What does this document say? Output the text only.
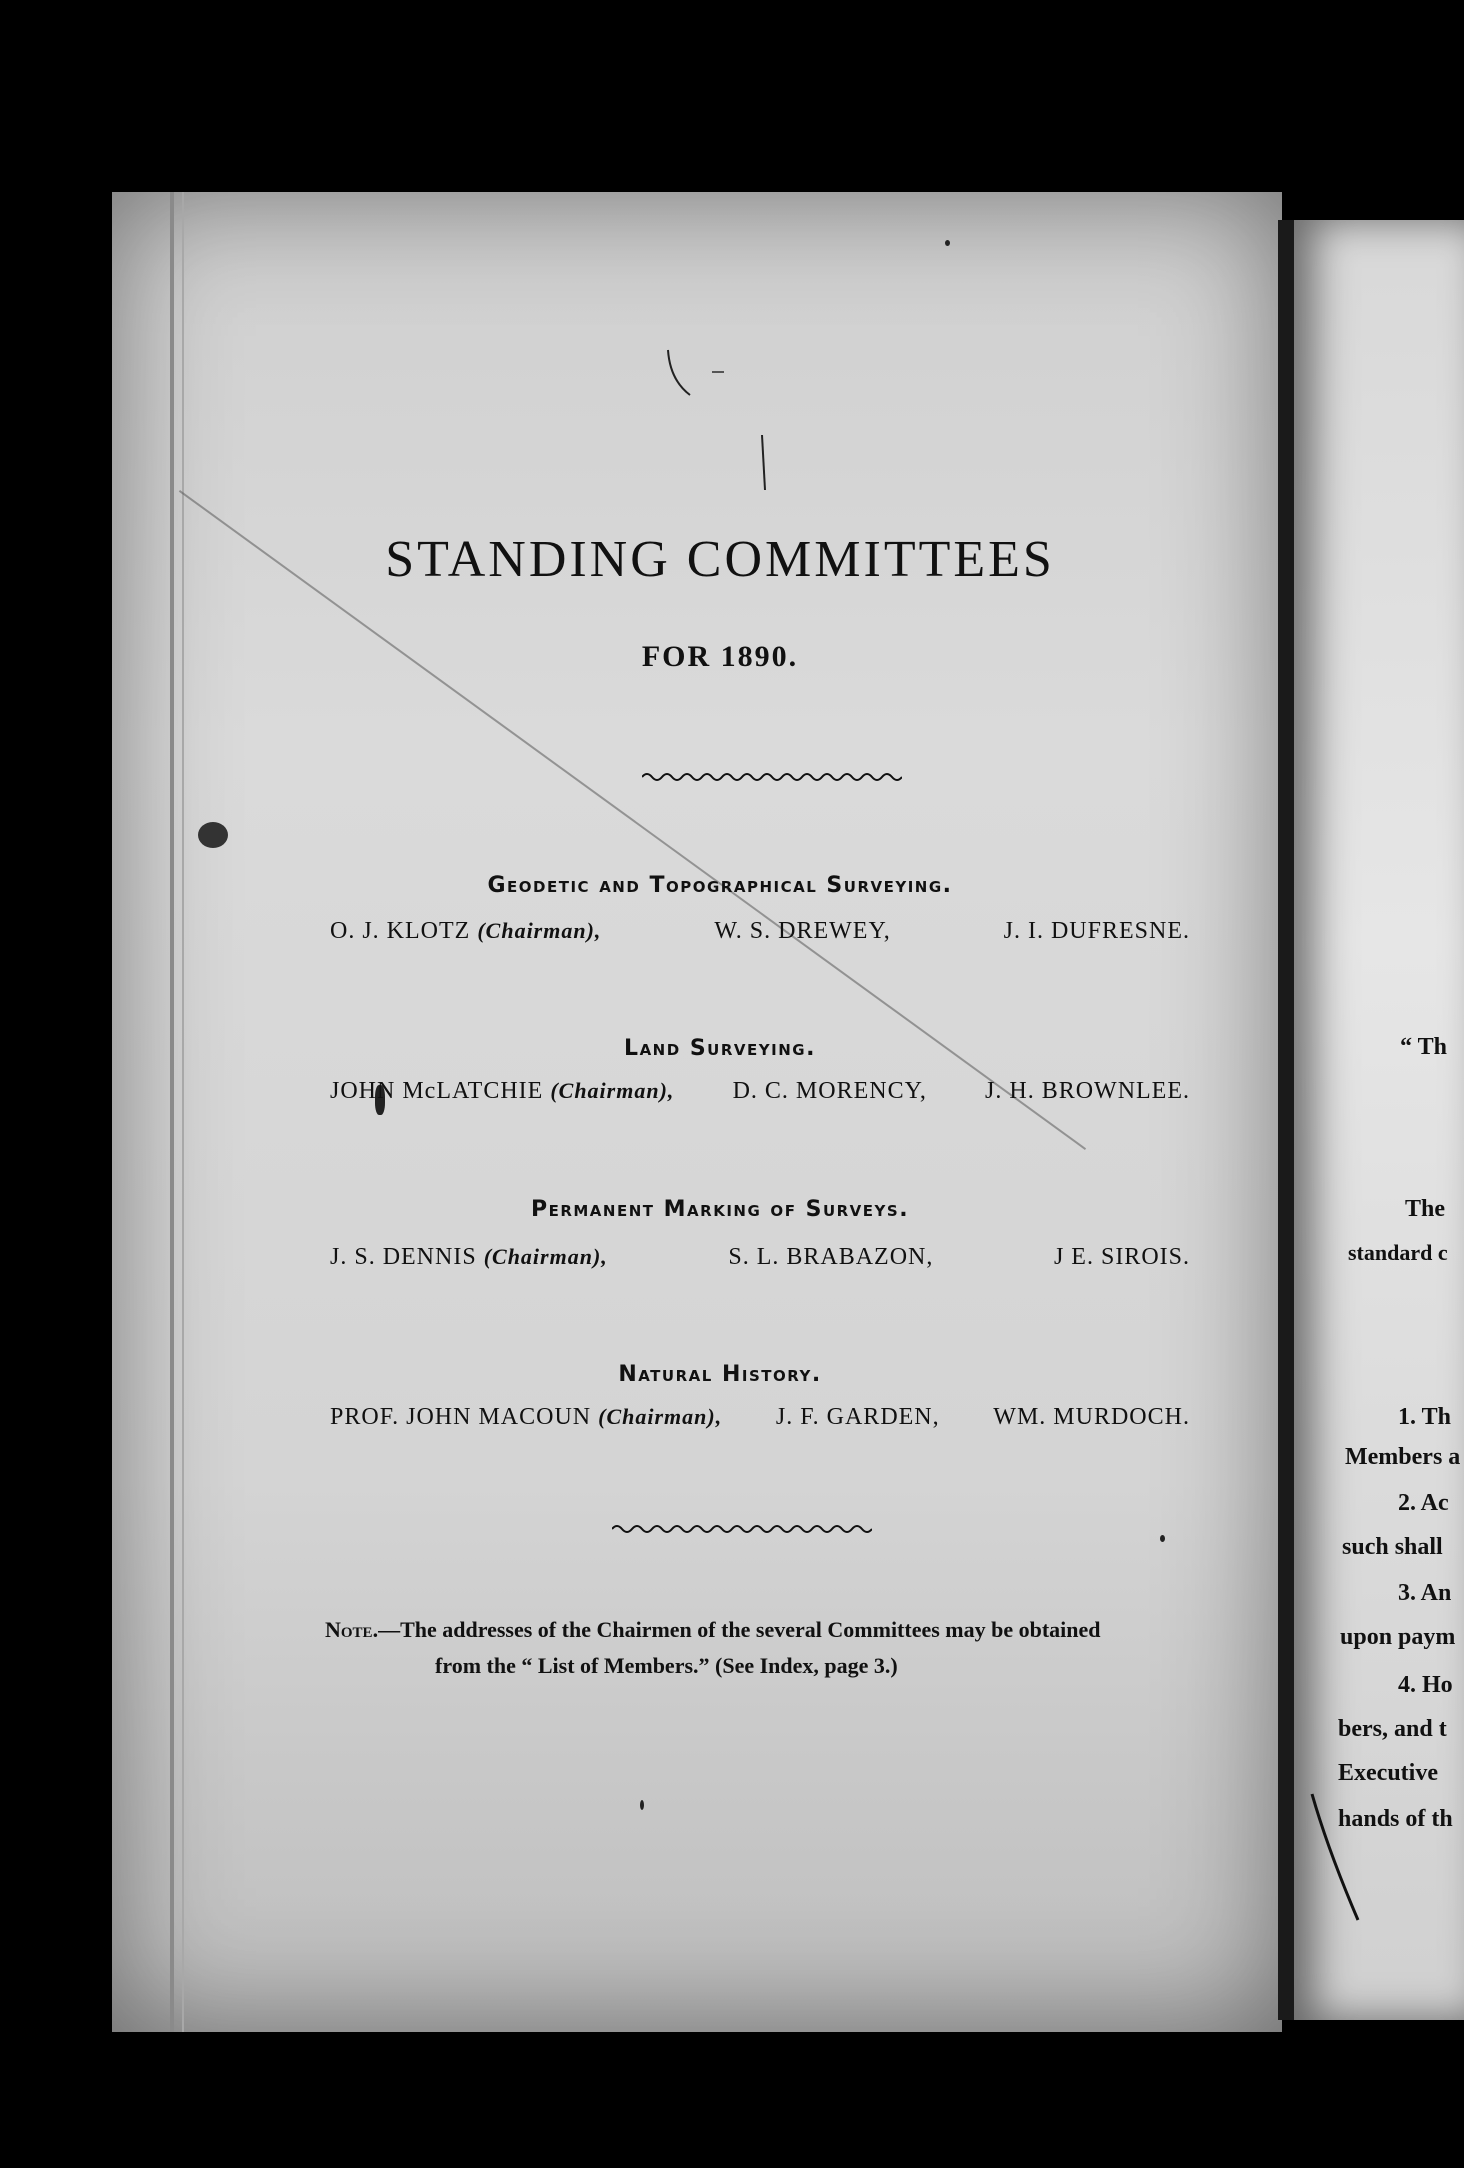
STANDING COMMITTEES
FOR 1890.
Geodetic and Topographical Surveying.
O. J. KLOTZ (Chairman),	W. S. DREWEY,	J. I. DUFRESNE.
Land Surveying.
JOHN McLATCHIE (Chairman), D. C. MORENCY, J. H. BROWNLEE.
Permanent Marking of Surveys.
J. S. DENNIS (Chairman),	S. L. BRABAZON,	J E. SIROIS.
Natural History.
PROF. JOHN MACOUN (Chairman), J. F. GARDEN, WM. MURDOCH.
Note.—The addresses of the Chairmen of the several Committees may be obtained
from the “ List of Members.” (See Index, page 3.)
“ Th
The
standard c
1. Th
Members a
2. Ac
such shall
3. An
upon paym
4. Ho
bers, and t
Executive
hands of th
